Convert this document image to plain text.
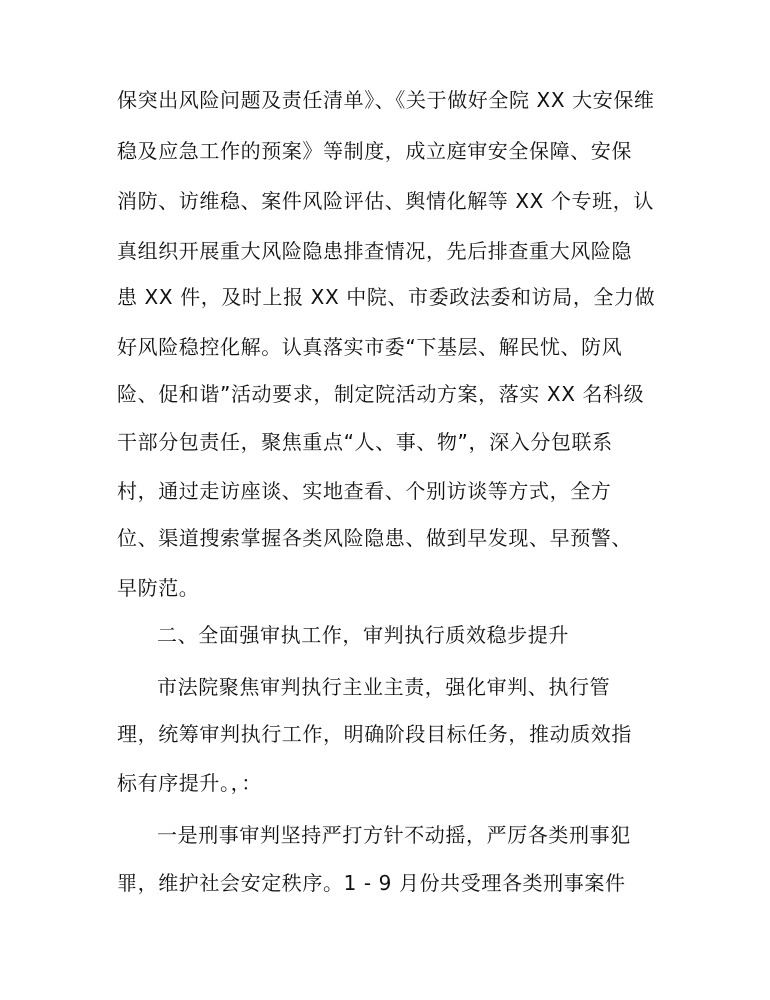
保突出风险问题及责任清单》、《关于做好全院 XX 大安保维

稳及应急工作的预案》等制度，成立庭审安全保障、安保

消防、访维稳、案件风险评估、舆情化解等 XX 个专班，认

真组织开展重大风险隐患排查情况，先后排查重大风险隐

患 XX 件，及时上报 XX 中院、市委政法委和访局，全力做

好风险稳控化解。认真落实市委“下基层、解民忧、防风

险、促和谐”活动要求，制定院活动方案，落实 XX 名科级

干部分包责任，聚焦重点“人、事、物”，深入分包联系

村，通过走访座谈、实地查看、个别访谈等方式，全方

位、渠道搜索掌握各类风险隐患、做到早发现、早预警、

早防范。

二、全面强审执工作，审判执行质效稳步提升

市法院聚焦审判执行主业主责，强化审判、执行管

理，统筹审判执行工作，明确阶段目标任务，推动质效指

标有序提升。，：

一是刑事审判坚持严打方针不动摇，严厉各类刑事犯

罪，维护社会安定秩序。1 - 9 月份共受理各类刑事案件
